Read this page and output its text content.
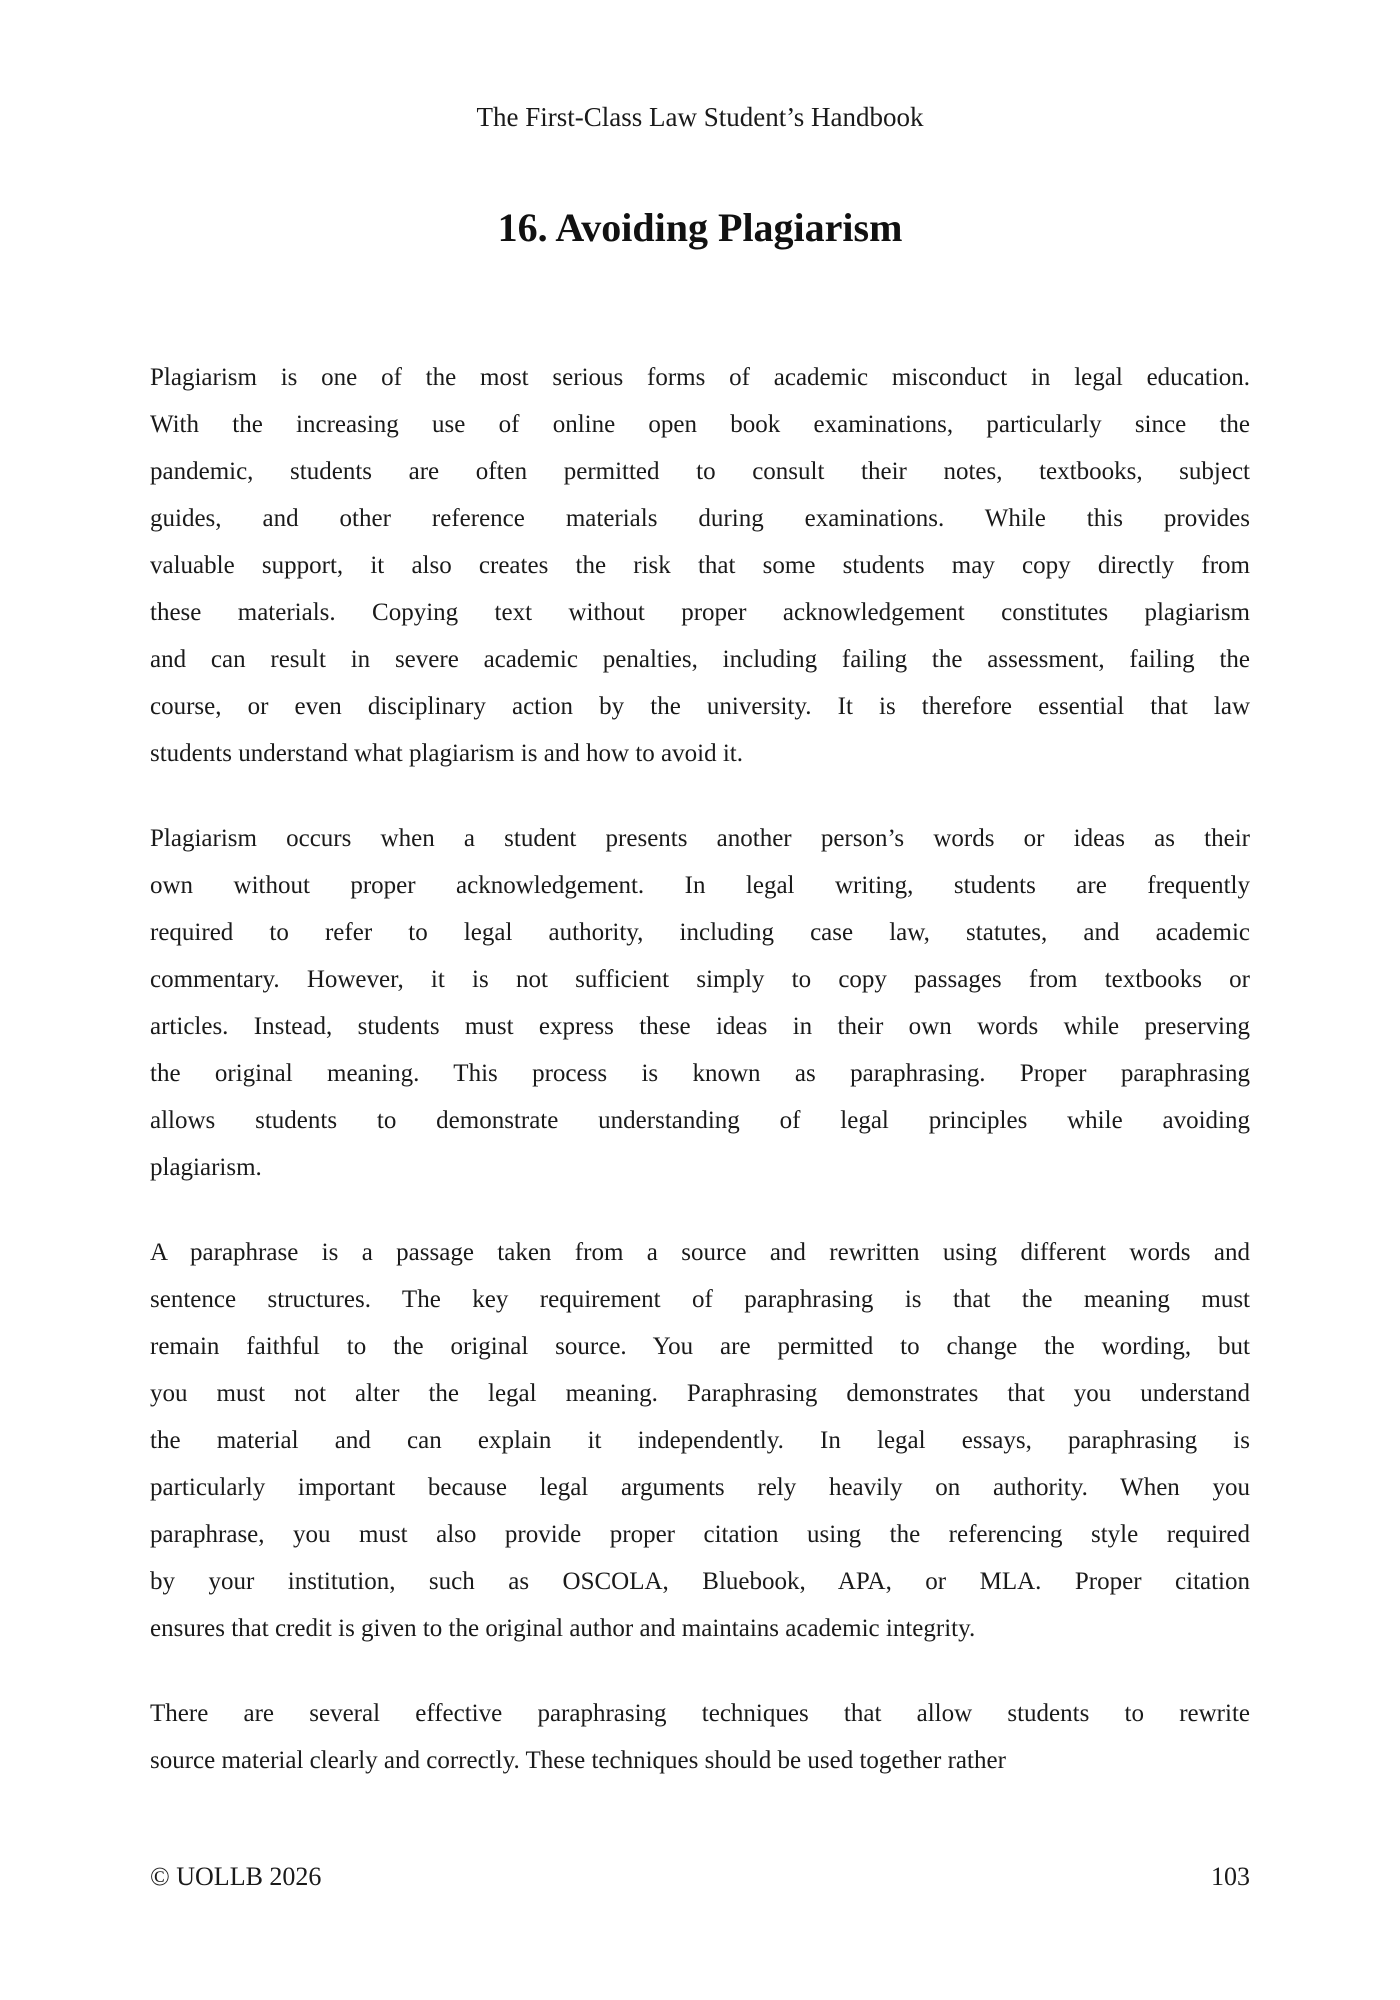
The First-Class Law Student’s Handbook
16. Avoiding Plagiarism

Plagiarism is one of the most serious forms of academic misconduct in legal education.
With the increasing use of online open book examinations, particularly since the
pandemic, students are often permitted to consult their notes, textbooks, subject
guides, and other reference materials during examinations. While this provides
valuable support, it also creates the risk that some students may copy directly from
these materials. Copying text without proper acknowledgement constitutes plagiarism
and can result in severe academic penalties, including failing the assessment, failing the
course, or even disciplinary action by the university. It is therefore essential that law
students understand what plagiarism is and how to avoid it.

Plagiarism occurs when a student presents another person’s words or ideas as their
own without proper acknowledgement. In legal writing, students are frequently
required to refer to legal authority, including case law, statutes, and academic
commentary. However, it is not sufficient simply to copy passages from textbooks or
articles. Instead, students must express these ideas in their own words while preserving
the original meaning. This process is known as paraphrasing. Proper paraphrasing
allows students to demonstrate understanding of legal principles while avoiding
plagiarism.

A paraphrase is a passage taken from a source and rewritten using different words and
sentence structures. The key requirement of paraphrasing is that the meaning must
remain faithful to the original source. You are permitted to change the wording, but
you must not alter the legal meaning. Paraphrasing demonstrates that you understand
the material and can explain it independently. In legal essays, paraphrasing is
particularly important because legal arguments rely heavily on authority. When you
paraphrase, you must also provide proper citation using the referencing style required
by your institution, such as OSCOLA, Bluebook, APA, or MLA. Proper citation
ensures that credit is given to the original author and maintains academic integrity.

There are several effective paraphrasing techniques that allow students to rewrite
source material clearly and correctly. These techniques should be used together rather

© UOLLB 2026	103
